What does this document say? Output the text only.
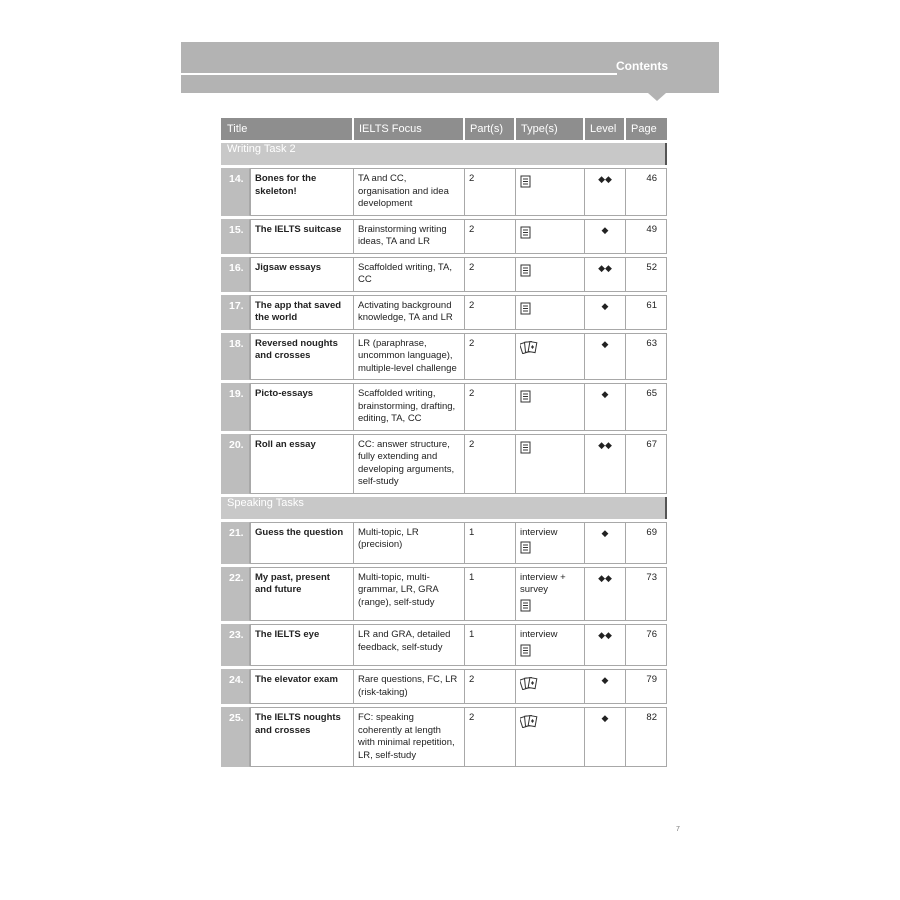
Contents
Title		IELTS Focus	Part(s)	Type(s)	Level	Page
Writing Task 2						
14.	Bones for the skeleton!	TA and CC, organisation and idea development	2		◆◆	46
15.	The IELTS suitcase	Brainstorming writing ideas, TA and LR	2		◆	49
16.	Jigsaw essays	Scaffolded writing, TA, CC	2		◆◆	52
17.	The app that saved the world	Activating background knowledge, TA and LR	2		◆	61
18.	Reversed noughts and crosses	LR (paraphrase, uncommon language), multiple-level challenge	2		◆	63
19.	Picto-essays	Scaffolded writing, brainstorming, drafting, editing, TA, CC	2		◆	65
20.	Roll an essay	CC: answer structure, fully extending and developing arguments, self-study	2		◆◆	67
Speaking Tasks						
21.	Guess the question	Multi-topic, LR (precision)	1	interview	◆	69
22.	My past, present and future	Multi-topic, multi-grammar, LR, GRA (range), self-study	1	interview + survey	◆◆	73
23.	The IELTS eye	LR and GRA, detailed feedback, self-study	1	interview	◆◆	76
24.	The elevator exam	Rare questions, FC, LR (risk-taking)	2		◆	79
25.	The IELTS noughts and crosses	FC: speaking coherently at length with minimal repetition, LR, self-study	2		◆	82
7
